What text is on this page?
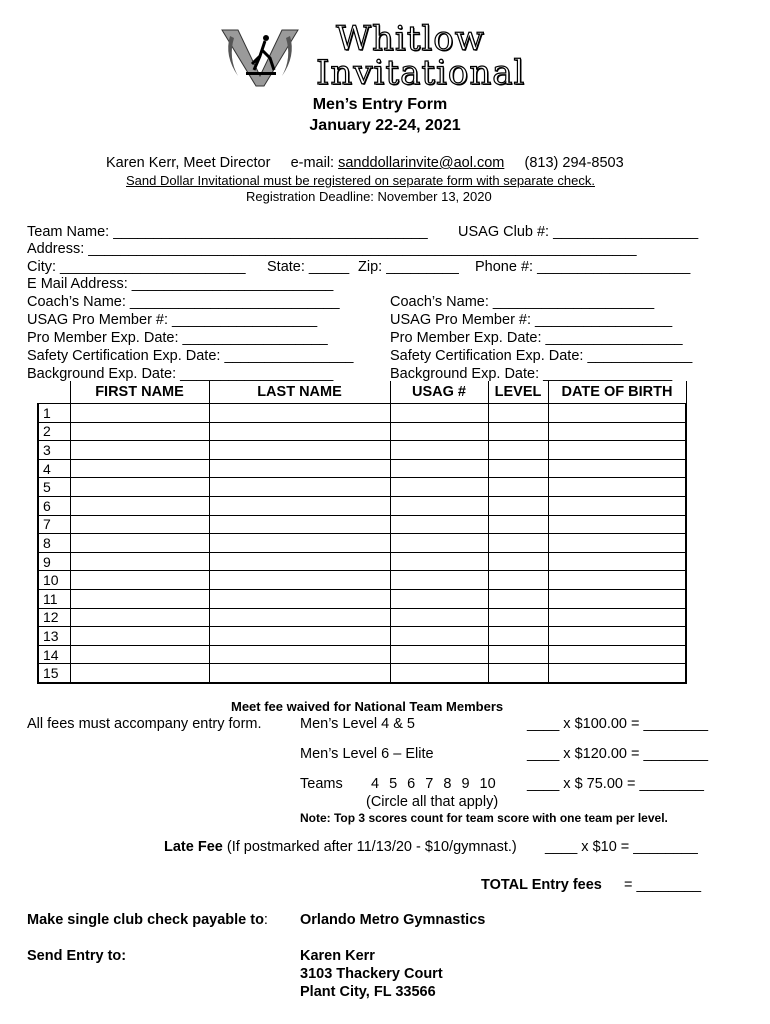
Whitlow
Invitational
Men’s Entry Form
January 22-24, 2021
Karen Kerr, Meet Director e-mail: sanddollarinvite@aol.com (813) 294-8503
Sand Dollar Invitational must be registered on separate form with separate check.
Registration Deadline: November 13, 2020
Team Name: _______________________________________ USAG Club #: __________________
Address: ____________________________________________________________________
City: _______________________ State: _____ Zip: _________ Phone #: ___________________
E Mail Address: _________________________
Coach’s Name: __________________________
USAG Pro Member #: __________________
Pro Member Exp. Date: __________________
Safety Certification Exp. Date: ________________
Background Exp. Date: ___________________
Coach’s Name: ____________________
USAG Pro Member #: _________________
Pro Member Exp. Date: _________________
Safety Certification Exp. Date: _____________
Background Exp. Date: ________________
	FIRST NAME	LAST NAME	USAG #	LEVEL	DATE OF BIRTH
1					
2					
3					
4					
5					
6					
7					
8					
9					
10					
11					
12					
13					
14					
15					
Meet fee waived for National Team Members
All fees must accompany entry form.	Men’s Level 4 & 5	____ x $100.00 = ________
Men’s Level 6 – Elite	____ x $120.00 = ________
Teams 4 5 6 7 8 9 10 ____ x $ 75.00 = ________
(Circle all that apply)
Note: Top 3 scores count for team score with one team per level.
Late Fee (If postmarked after 11/13/20 - $10/gymnast.) ____ x $10 = ________
TOTAL Entry fees = ________
Make single club check payable to: Orlando Metro Gymnastics
Send Entry to:	Karen Kerr
3103 Thackery Court
Plant City, FL 33566
